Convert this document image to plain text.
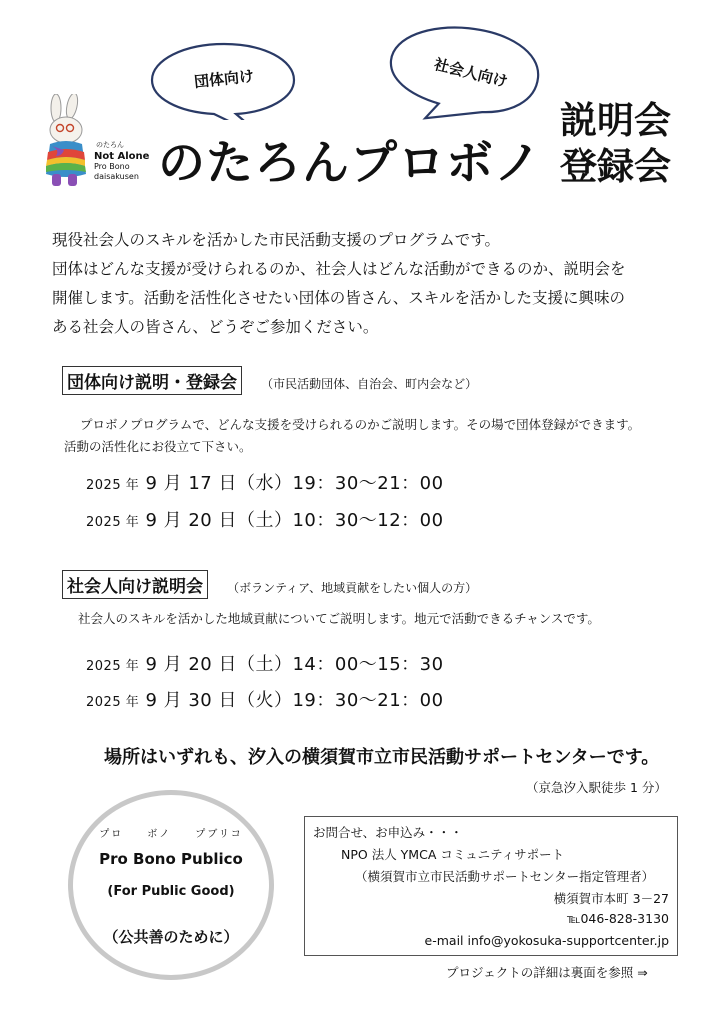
団体向け	社会人向け
のたろん
Not Alone
Pro Bono
daisakusen のたろんプロボノ
説明会
登録会
現役社会人のスキルを活かした市民活動支援のプログラムです。
団体はどんな支援が受けられるのか、社会人はどんな活動ができるのか、説明会を
開催します。活動を活性化させたい団体の皆さん、スキルを活かした支援に興味の
ある社会人の皆さん、どうぞご参加ください。
団体向け説明・登録会 （市民活動団体、自治会、町内会など）
プロボノプログラムで、どんな支援を受けられるのかご説明します。その場で団体登録ができます。
活動の活性化にお役立て下さい。
2025 年 9 月 17 日（水）19：30～21：00
2025 年 9 月 20 日（土）10：30～12：00
社会人向け説明会 （ボランティア、地域貢献をしたい個人の方）
社会人のスキルを活かした地域貢献についてご説明します。地元で活動できるチャンスです。
2025 年 9 月 20 日（土）14：00～15：30
2025 年 9 月 30 日（火）19：30～21：00
場所はいずれも、汐入の横須賀市立市民活動サポートセンターです。
（京急汐入駅徒歩 1 分）
プロ　　ボノ　　プブリコ
Pro Bono Publico
(For Public Good)
（公共善のために）
お問合せ、お申込み・・・
NPO 法人 YMCA コミュニティサポート
（横須賀市立市民活動サポートセンター指定管理者）
横須賀市本町 3－27
℡046-828-3130
e-mail info@yokosuka-supportcenter.jp
プロジェクトの詳細は裏面を参照 ⇒
